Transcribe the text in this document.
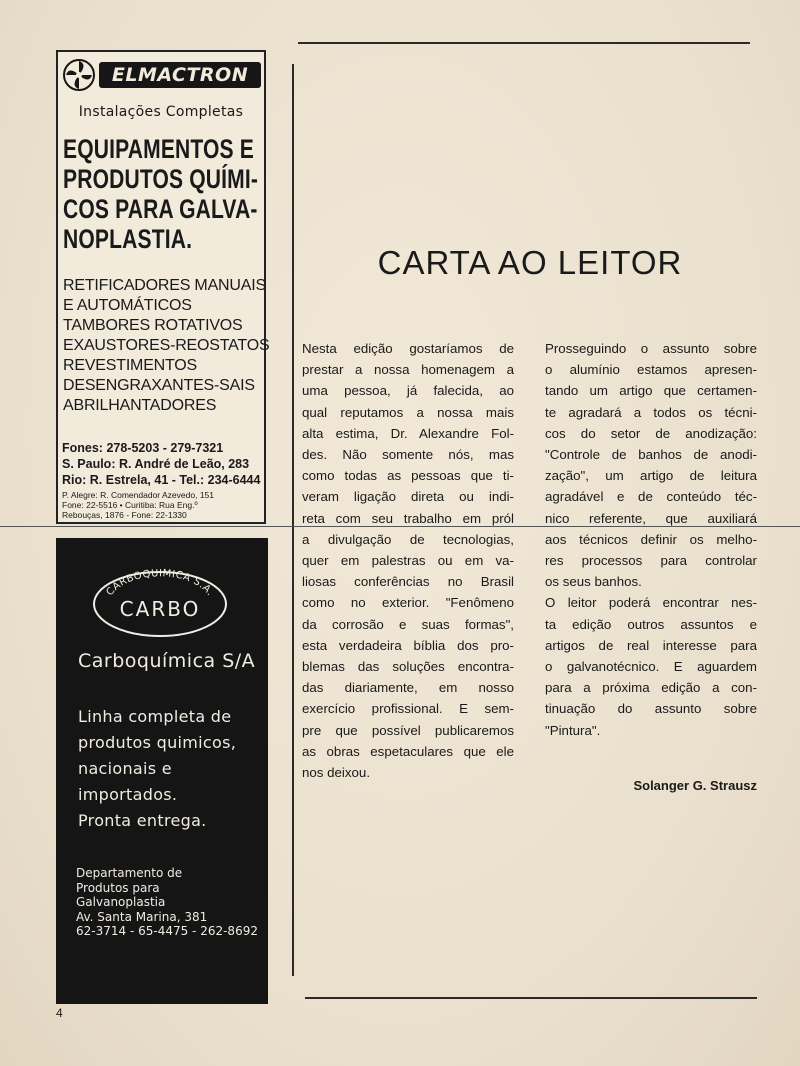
ELMACTRON
Instalações Completas
EQUIPAMENTOS E
PRODUTOS QUÍMI-
COS PARA GALVA-
NOPLASTIA.
RETIFICADORES MANUAIS
E AUTOMÁTICOS
TAMBORES ROTATIVOS
EXAUSTORES-REOSTATOS
REVESTIMENTOS
DESENGRAXANTES-SAIS
ABRILHANTADORES
Fones: 278-5203 - 279-7321
S. Paulo: R. André de Leão, 283
Rio: R. Estrela, 41 - Tel.: 234-6444
P. Alegre: R. Comendador Azevedo, 151
Fone: 22-5516 • Curitiba: Rua Eng.º
Rebouças, 1876 - Fone: 22-1330
CARBOQUIMICA S.A.
CARBO
Carboquímica S/A
Linha completa de
produtos quimicos,
nacionais e
importados.
Pronta entrega.
Departamento de
Produtos para
Galvanoplastia
Av. Santa Marina, 381
62-3714 - 65-4475 - 262-8692
CARTA AO LEITOR
Nesta edição gostaríamos de
prestar a nossa homenagem a
uma pessoa, já falecida, ao
qual reputamos a nossa mais
alta estima, Dr. Alexandre Fol-
des. Não somente nós, mas
como todas as pessoas que ti-
veram ligação direta ou indi-
reta com seu trabalho em pról
a divulgação de tecnologias,
quer em palestras ou em va-
liosas conferências no Brasil
como no exterior. "Fenômeno
da corrosão e suas formas",
esta verdadeira bíblia dos pro-
blemas das soluções encontra-
das diariamente, em nosso
exercício profissional. E sem-
pre que possível publicaremos
as obras espetaculares que ele
nos deixou.
Prosseguindo o assunto sobre
o alumínio estamos apresen-
tando um artigo que certamen-
te agradará a todos os técni-
cos do setor de anodização:
"Controle de banhos de anodi-
zação", um artigo de leitura
agradável e de conteúdo téc-
nico referente, que auxiliará
aos técnicos definir os melho-
res processos para controlar
os seus banhos.
O leitor poderá encontrar nes-
ta edição outros assuntos e
artigos de real interesse para
o galvanotécnico. E aguardem
para a próxima edição a con-
tinuação do assunto sobre
"Pintura".
Solanger G. Strausz
4
